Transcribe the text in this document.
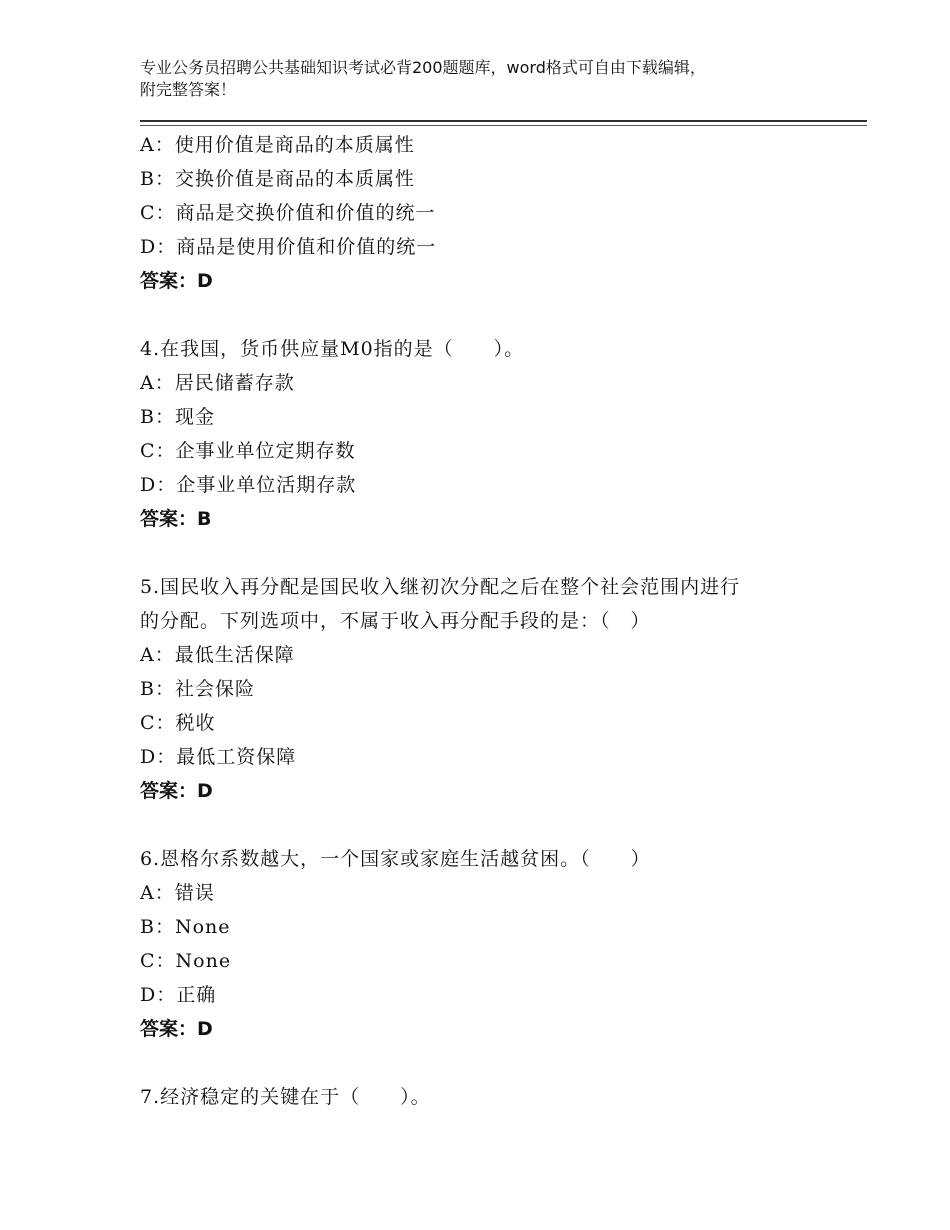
专业公务员招聘公共基础知识考试必背200题题库，word格式可自由下载编辑，
附完整答案！
A：使用价值是商品的本质属性
B：交换价值是商品的本质属性
C：商品是交换价值和价值的统一
D：商品是使用价值和价值的统一
答案：D
4.在我国，货币供应量M0指的是（　　）。
A：居民储蓄存款
B：现金
C：企事业单位定期存数
D：企事业单位活期存款
答案：B
5.国民收入再分配是国民收入继初次分配之后在整个社会范围内进行
的分配。下列选项中，不属于收入再分配手段的是：（　）
A：最低生活保障
B：社会保险
C：税收
D：最低工资保障
答案：D
6.恩格尔系数越大，一个国家或家庭生活越贫困。（　　）
A：错误
B：None
C：None
D：正确
答案：D
7.经济稳定的关键在于（　　）。
